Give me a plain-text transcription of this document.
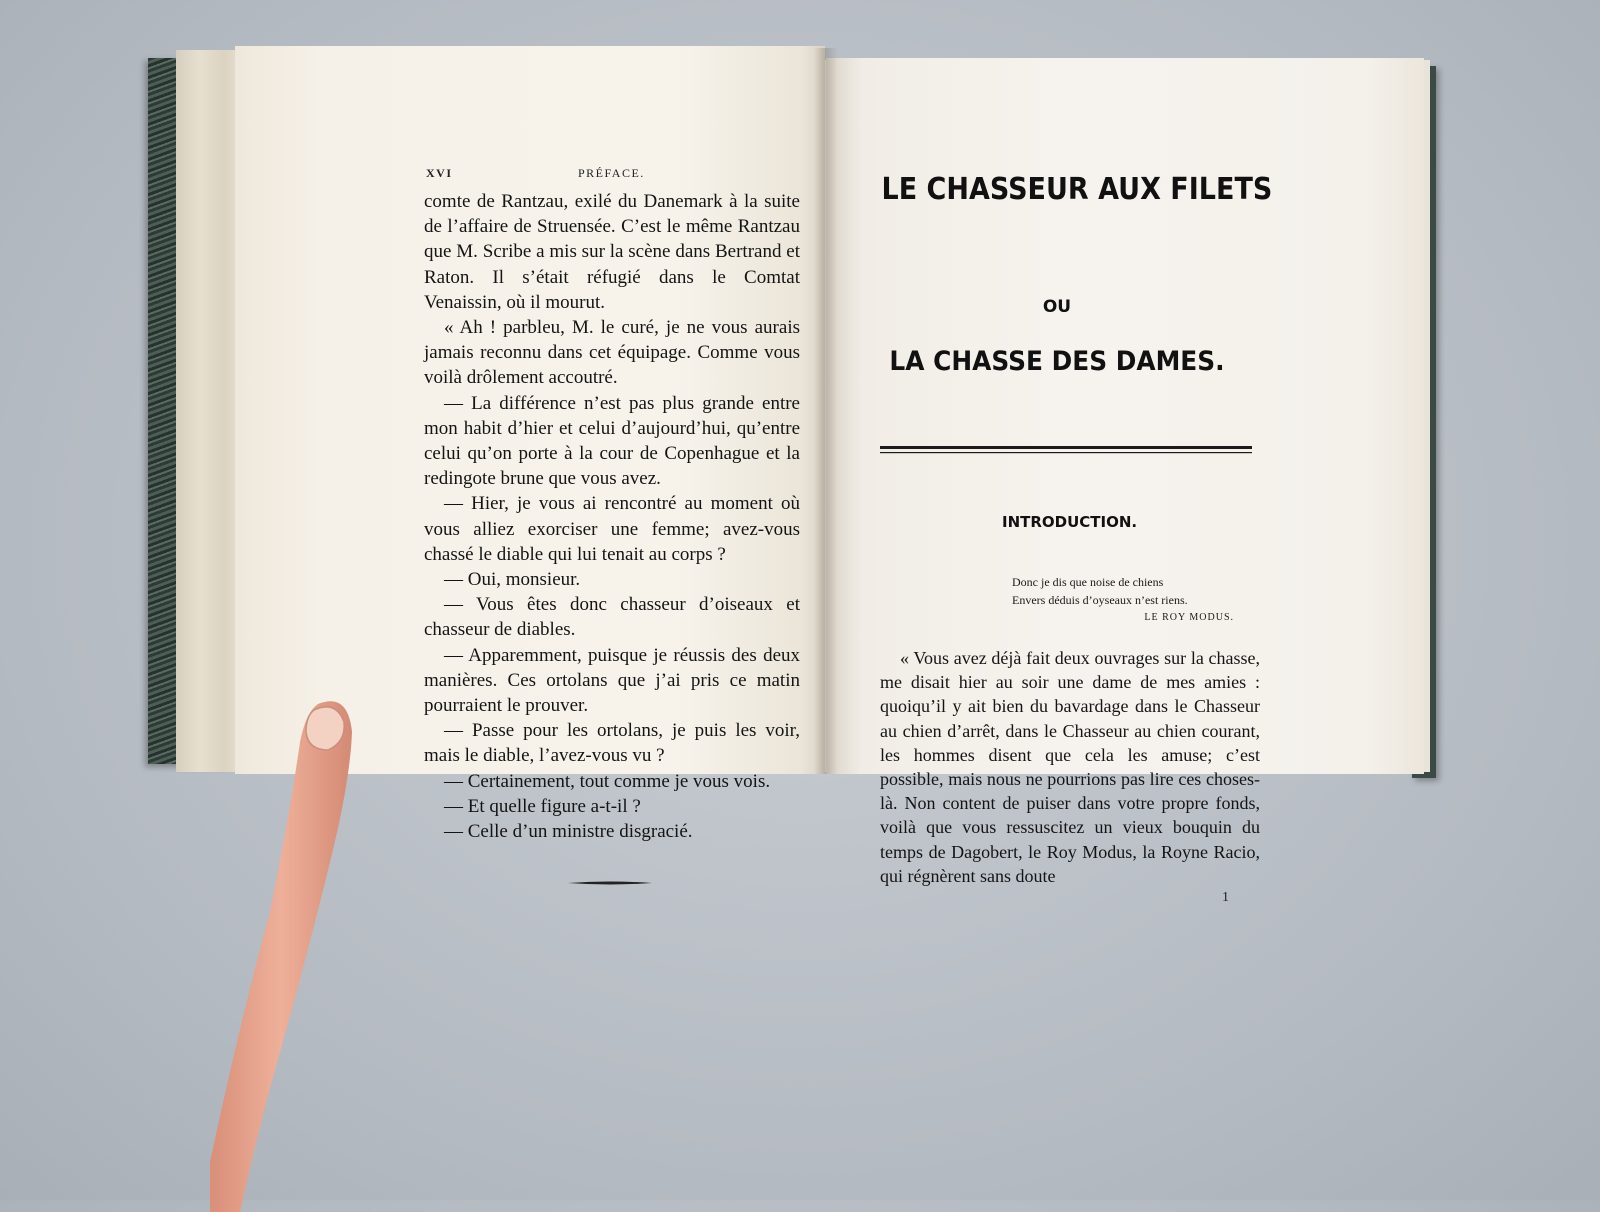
XVI	PRÉFACE.

comte de Rantzau, exilé du Danemark à la suite de l’affaire de Struensée. C’est le même Rantzau que M. Scribe a mis sur la scène dans Bertrand et Raton. Il s’était réfugié dans le Comtat Venaissin, où il mourut.

« Ah ! parbleu, M. le curé, je ne vous aurais jamais reconnu dans cet équipage. Comme vous voilà drôlement accoutré.

— La différence n’est pas plus grande entre mon habit d’hier et celui d’aujourd’hui, qu’entre celui qu’on porte à la cour de Copenhague et la redingote brune que vous avez.

— Hier, je vous ai rencontré au moment où vous alliez exorciser une femme; avez-vous chassé le diable qui lui tenait au corps ?

— Oui, monsieur.

— Vous êtes donc chasseur d’oiseaux et chasseur de diables.

— Apparemment, puisque je réussis des deux manières. Ces ortolans que j’ai pris ce matin pourraient le prouver.

— Passe pour les ortolans, je puis les voir, mais le diable, l’avez-vous vu ?

— Certainement, tout comme je vous vois.

— Et quelle figure a-t-il ?

— Celle d’un ministre disgracié.

LE CHASSEUR AUX FILETS
OU
LA CHASSE DES DAMES.
INTRODUCTION.
Donc je dis que noise de chiens
Envers déduis d’oyseaux n’est riens.
LE ROY MODUS.

« Vous avez déjà fait deux ouvrages sur la chasse, me disait hier au soir une dame de mes amies : quoiqu’il y ait bien du bavardage dans le Chasseur au chien d’arrêt, dans le Chasseur au chien courant, les hommes disent que cela les amuse; c’est possible, mais nous ne pourrions pas lire ces choses-là. Non content de puiser dans votre propre fonds, voilà que vous ressuscitez un vieux bouquin du temps de Dagobert, le Roy Modus, la Royne Racio, qui régnèrent sans doute

1
